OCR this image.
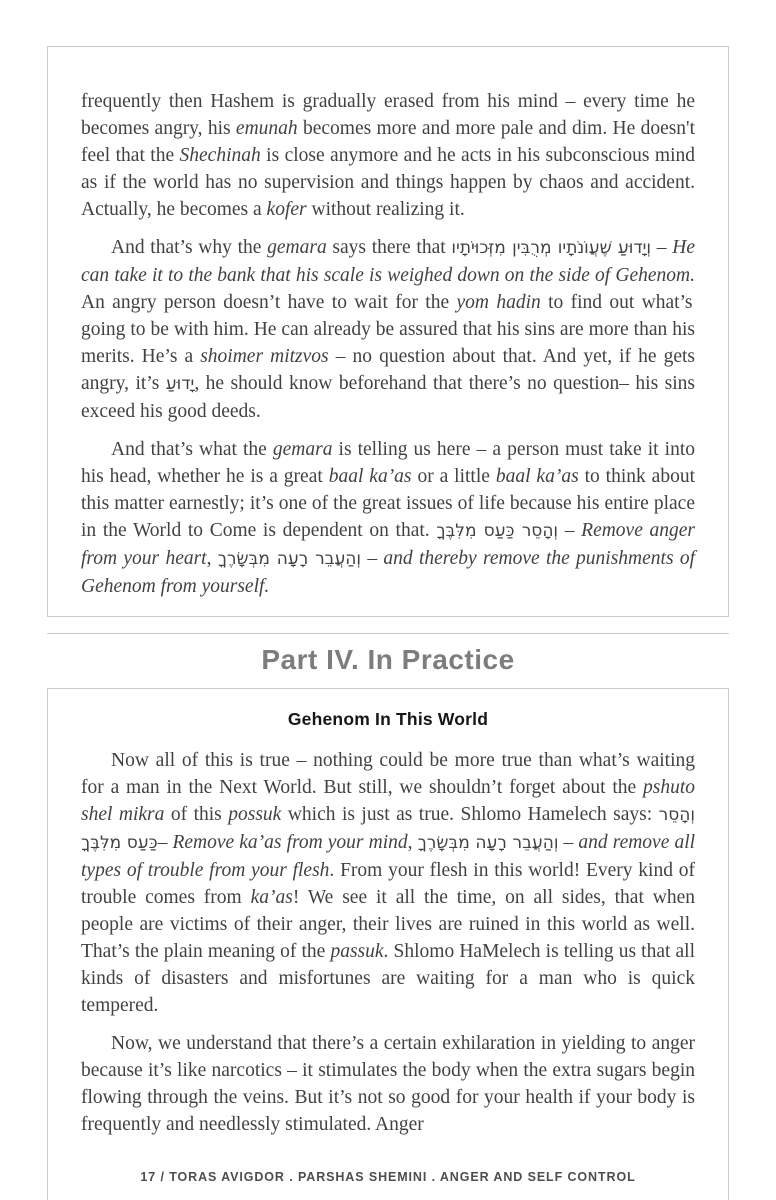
frequently then Hashem is gradually erased from his mind – every time he becomes angry, his emunah becomes more and more pale and dim. He doesn't feel that the Shechinah is close anymore and he acts in his subconscious mind as if the world has no supervision and things happen by chaos and accident. Actually, he becomes a kofer without realizing it.

And that’s why the gemara says there that וְיָדוּעַ שֶׁעֲוֹנֹתָיו מְרֻבִּין מִזְּכוּיֹתָיו – He can take it to the bank that his scale is weighed down on the side of Gehenom. An angry person doesn’t have to wait for the yom hadin to find out what’s going to be with him. He can already be assured that his sins are more than his merits. He’s a shoimer mitzvos – no question about that. And yet, if he gets angry, it’s יָדוּעַ, he should know beforehand that there’s no question– his sins exceed his good deeds.

And that’s what the gemara is telling us here – a person must take it into his head, whether he is a great baal ka’as or a little baal ka’as to think about this matter earnestly; it’s one of the great issues of life because his entire place in the World to Come is dependent on that. וְהָסֵר כַּעַס מִלִּבֶּךָ – Remove anger from your heart, וְהַעֲבֵר רָעָה מִבְּשָׂרֶךָ – and thereby remove the punishments of Gehenom from yourself.

Part IV. In Practice
Gehenom In This World

Now all of this is true – nothing could be more true than what’s waiting for a man in the Next World. But still, we shouldn’t forget about the pshuto shel mikra of this possuk which is just as true. Shlomo Hamelech says: וְהָסֵר כַּעַס מִלִּבֶּךָ– Remove ka’as from your mind, וְהַעֲבֵר רָעָה מִבְּשָׂרֶךָ – and remove all types of trouble from your flesh. From your flesh in this world! Every kind of trouble comes from ka’as! We see it all the time, on all sides, that when people are victims of their anger, their lives are ruined in this world as well. That’s the plain meaning of the passuk. Shlomo HaMelech is telling us that all kinds of disasters and misfortunes are waiting for a man who is quick tempered.

Now, we understand that there’s a certain exhilaration in yielding to anger because it’s like narcotics – it stimulates the body when the extra sugars begin flowing through the veins. But it’s not so good for your health if your body is frequently and needlessly stimulated. Anger

17 / TORAS AVIGDOR . PARSHAS SHEMINI . ANGER AND SELF CONTROL
